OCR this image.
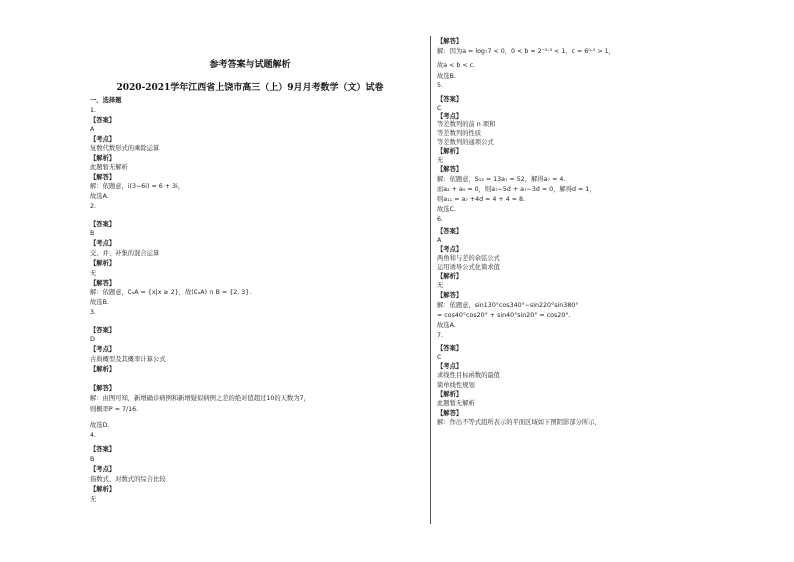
参考答案与试题解析
2020-2021学年江西省上饶市高三（上）9月月考数学（文）试卷
一、选择题
1.
【答案】
A
【考点】
复数代数形式的乘除运算
【解析】
此题暂无解析
【解答】
解：依题意，i(3−6i) = 6 + 3i，
故选A.
2.
【答案】
B
【考点】
交、并、补集的混合运算
【解析】
无
【解答】
解：依题意，∁ₐA = {x|x ≥ 2}，故(∁ₐA) ∩ B = {2, 3}.
故选B.
3.
【答案】
D
【考点】
古典概型及其概率计算公式
【解析】
【解答】
解：由图可知，新增确诊病例和新增疑似病例之差的绝对值超过10的天数为7，
则概率P = 7/16.
故选D.
4.
【答案】
B
【考点】
指数式、对数式的综合比较
【解析】
无
【解答】
解：因为a = log₇7 < 0，0 < b = 2⁻⁰·³ < 1，c = 6⁰·⁵ > 1，
故a < b < c.
故选B.
5.
【答案】
C
【考点】
等差数列的前 n 项和
等差数列的性质
等差数列的通项公式
【解析】
无
【解答】
解：依题意，S₁₃ = 13a₇ = 52，解得a₇ = 4.
而a₂ + a₅ = 0，则a₇−5d + a₇−3d = 0，解得d = 1，
则a₁₁ = a₇ +4d = 4 + 4 = 8.
故选C.
6.
【答案】
A
【考点】
两角和与差的余弦公式
运用诱导公式化简求值
【解析】
无
【解答】
解：依题意，sin130°cos340°−sin220°sin380°
= cos40°cos20° + sin40°sin20° = cos20°.
故选A.
7.
【答案】
C
【考点】
求线性目标函数的最值
简单线性规划
【解析】
此题暂无解析
【解答】
解：作出不等式组所表示的平面区域如下图阴影部分所示，
